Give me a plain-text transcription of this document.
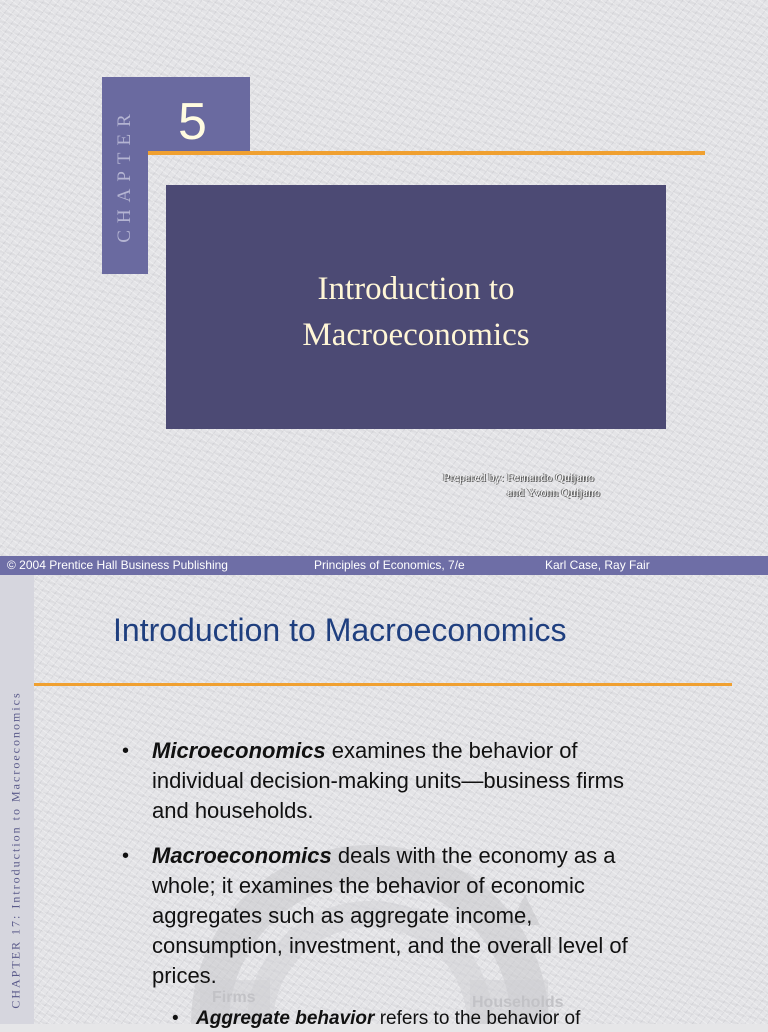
CHAPTER 5
Introduction to
Macroeconomics
Prepared by: Fernando Quijano
and Yvonn Quijano
© 2004 Prentice Hall Business Publishing	Principles of Economics, 7/e	Karl Case, Ray Fair
Firms	Households
CHAPTER 17: Introduction to Macroeconomics
Introduction to Macroeconomics
• Microeconomics examines the behavior of individual decision-making units—business firms and households.
• Macroeconomics deals with the economy as a whole; it examines the behavior of economic aggregates such as aggregate income, consumption, investment, and the overall level of prices.
• Aggregate behavior refers to the behavior of
